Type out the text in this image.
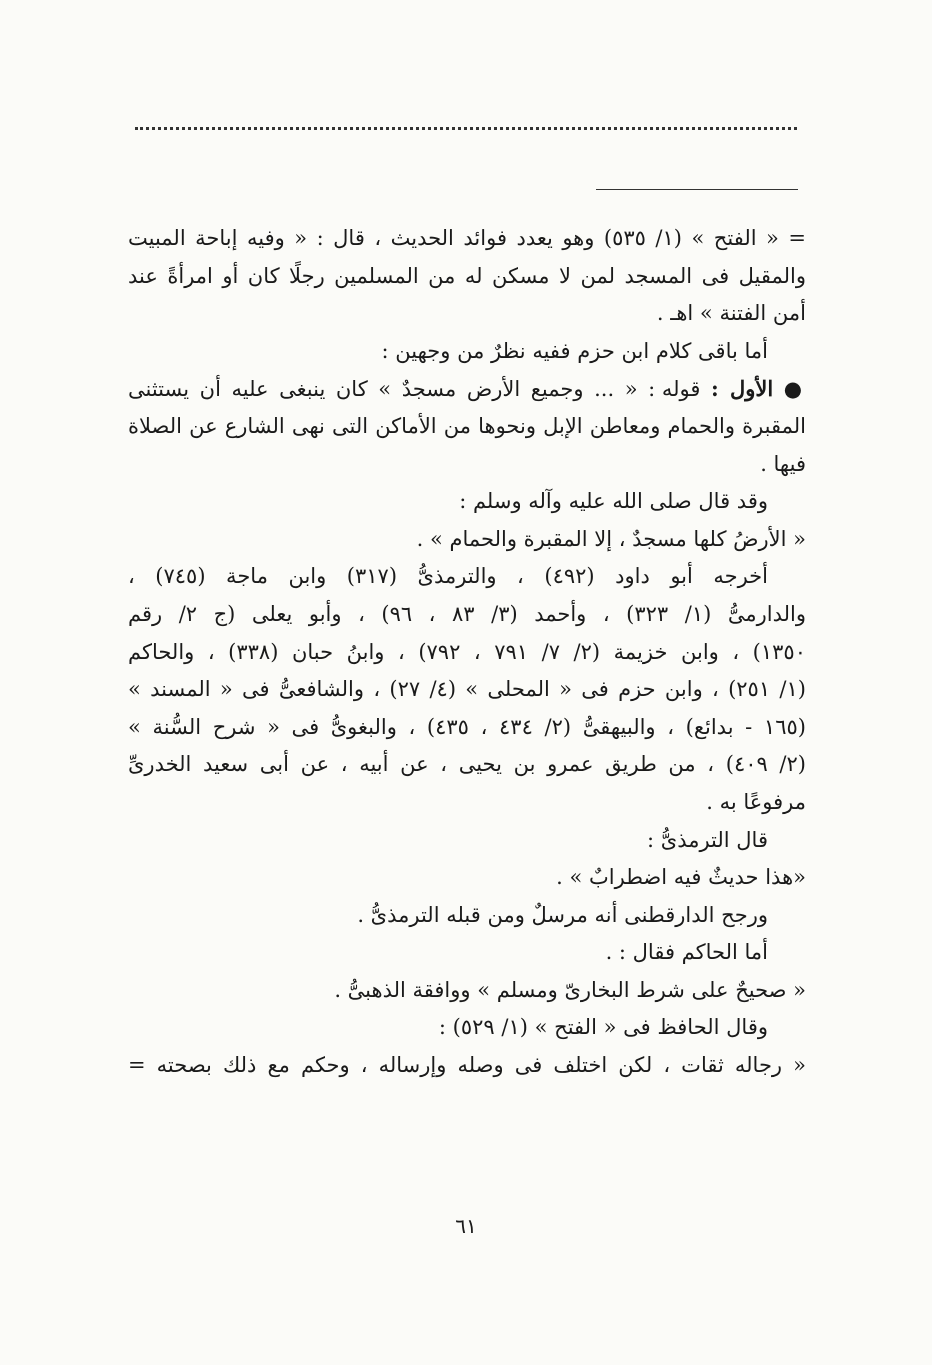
= « الفتح » (١/ ٥٣٥) وهو يعدد فوائد الحديث ، قال : « وفيه إباحة المبيت
والمقيل فى المسجد لمن لا مسكن له من المسلمين رجلًا كان أو امرأةً عند
أمن الفتنة » اهـ .
أما باقى كلام ابن حزم ففيه نظرٌ من وجهين :
● الأول : قوله : « ... وجميع الأرض مسجدٌ » كان ينبغى عليه أن يستثنى
المقبرة والحمام ومعاطن الإبل ونحوها من الأماكن التى نهى الشارع عن الصلاة
فيها .
وقد قال صلى الله عليه وآله وسلم :
« الأرضُ كلها مسجدٌ ، إلا المقبرة والحمام » .
أخرجه أبو داود (٤٩٢) ، والترمذىُّ (٣١٧) وابن ماجة (٧٤٥) ،
والدارمىُّ (١/ ٣٢٣) ، وأحمد (٣/ ٨٣ ، ٩٦) ، وأبو يعلى (ج ٢/ رقم
١٣٥٠) ، وابن خزيمة (٢/ ٧/ ٧٩١ ، ٧٩٢) ، وابنُ حبان (٣٣٨) ، والحاكم
(١/ ٢٥١) ، وابن حزم فى « المحلى » (٤/ ٢٧) ، والشافعىُّ فى « المسند »
(١٦٥ - بدائع) ، والبيهقىُّ (٢/ ٤٣٤ ، ٤٣٥) ، والبغوىُّ فى « شرح السُّنة »
(٢/ ٤٠٩) ، من طريق عمرو بن يحيى ، عن أبيه ، عن أبى سعيد الخدرىِّ
مرفوعًا به .
قال الترمذىُّ :
«هذا حديثٌ فيه اضطرابٌ » .
ورجح الدارقطنى أنه مرسلٌ ومن قبله الترمذىُّ .
أما الحاكم فقال : .
« صحيحٌ على شرط البخارىّ ومسلم » ووافقة الذهبىُّ .
وقال الحافظ فى « الفتح » (١/ ٥٢٩) :
« رجاله ثقات ، لكن اختلف فى وصله وإرساله ، وحكم مع ذلك بصحته =
٦١
